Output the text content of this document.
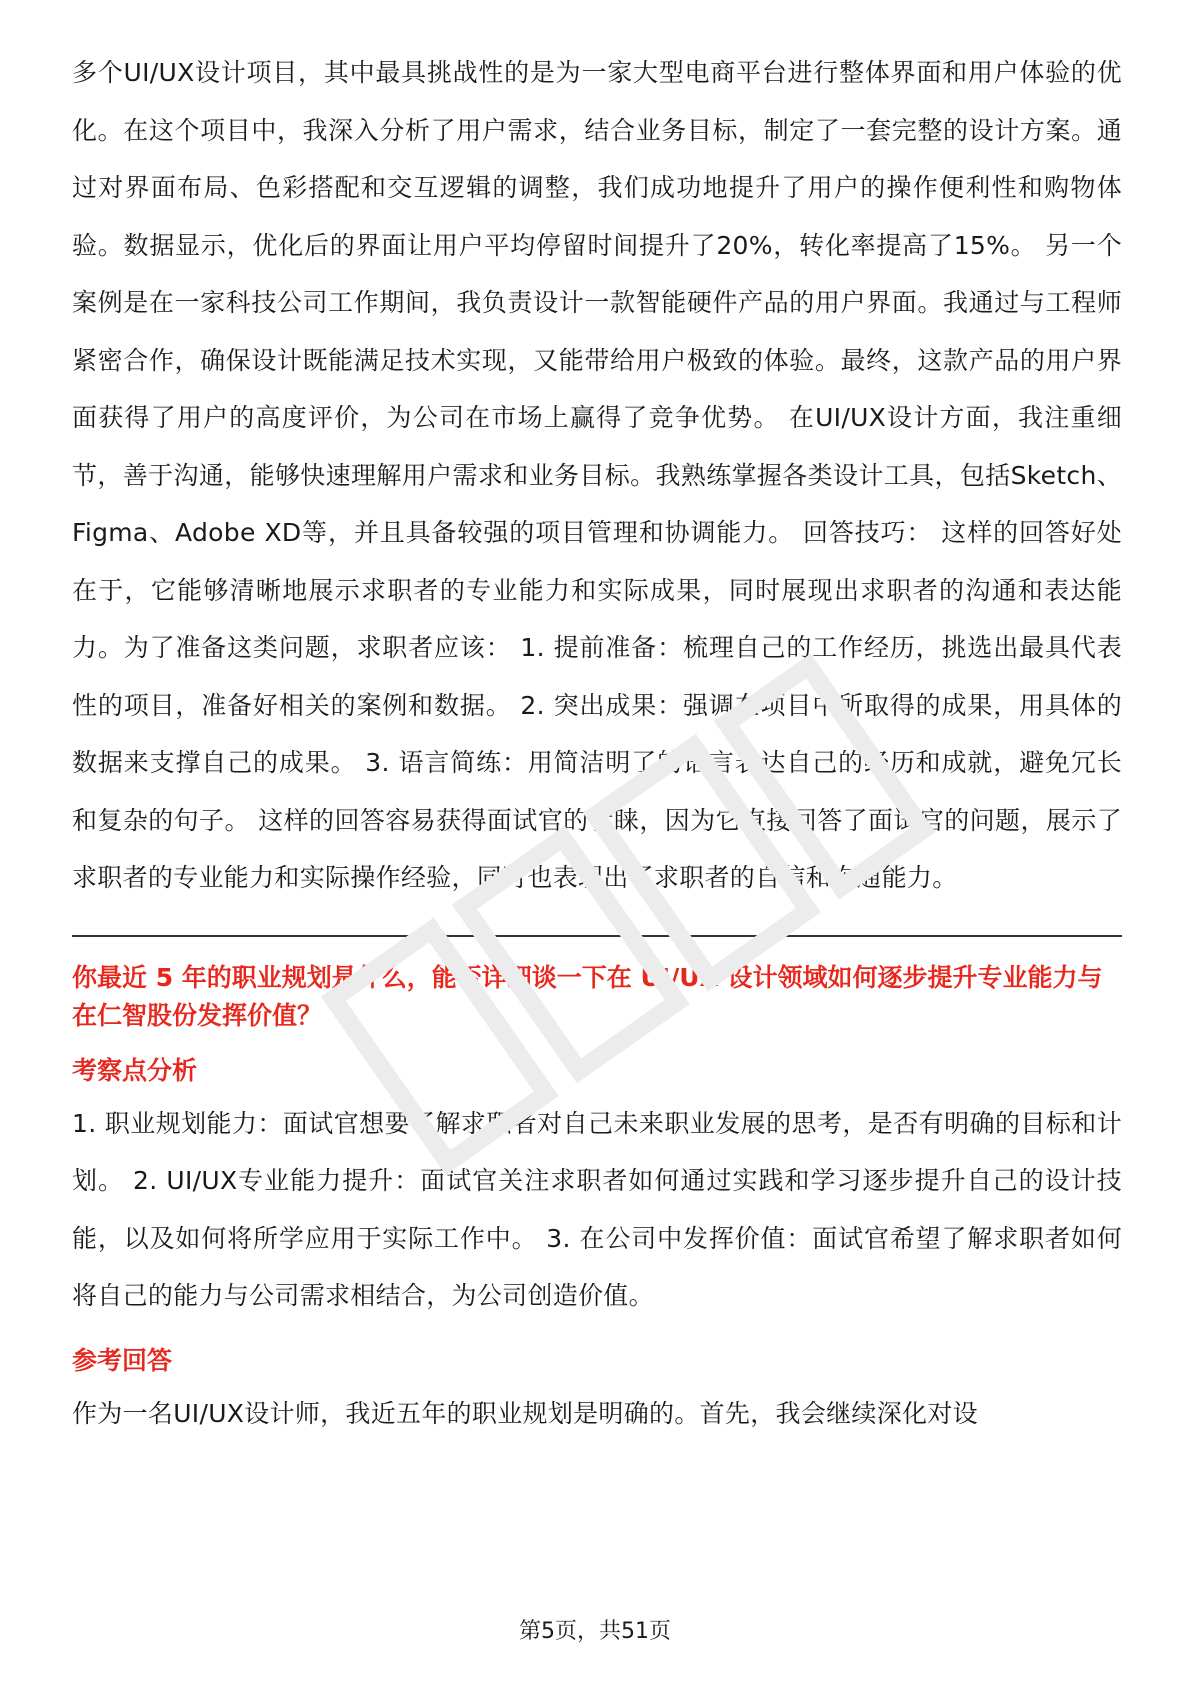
多个UI/UX设计项目，其中最具挑战性的是为一家大型电商平台进行整体界面和用户体验的优化。在这个项目中，我深入分析了用户需求，结合业务目标，制定了一套完整的设计方案。通过对界面布局、色彩搭配和交互逻辑的调整，我们成功地提升了用户的操作便利性和购物体验。数据显示，优化后的界面让用户平均停留时间提升了20%，转化率提高了15%。 另一个案例是在一家科技公司工作期间，我负责设计一款智能硬件产品的用户界面。我通过与工程师紧密合作，确保设计既能满足技术实现，又能带给用户极致的体验。最终，这款产品的用户界面获得了用户的高度评价，为公司在市场上赢得了竞争优势。 在UI/UX设计方面，我注重细节，善于沟通，能够快速理解用户需求和业务目标。我熟练掌握各类设计工具，包括Sketch、Figma、Adobe XD等，并且具备较强的项目管理和协调能力。 回答技巧： 这样的回答好处在于，它能够清晰地展示求职者的专业能力和实际成果，同时展现出求职者的沟通和表达能力。为了准备这类问题，求职者应该： 1. 提前准备：梳理自己的工作经历，挑选出最具代表性的项目，准备好相关的案例和数据。 2. 突出成果：强调在项目中所取得的成果，用具体的数据来支撑自己的成果。 3. 语言简练：用简洁明了的语言表达自己的经历和成就，避免冗长和复杂的句子。 这样的回答容易获得面试官的青睐，因为它直接回答了面试官的问题，展示了求职者的专业能力和实际操作经验，同时也表现出了求职者的自信和沟通能力。

你最近 5 年的职业规划是什么，能否详细谈一下在 UI/UX 设计领域如何逐步提升专业能力与在仁智股份发挥价值？

考察点分析

1. 职业规划能力：面试官想要了解求职者对自己未来职业发展的思考，是否有明确的目标和计划。 2. UI/UX专业能力提升：面试官关注求职者如何通过实践和学习逐步提升自己的设计技能，以及如何将所学应用于实际工作中。 3. 在公司中发挥价值：面试官希望了解求职者如何将自己的能力与公司需求相结合，为公司创造价值。

参考回答

作为一名UI/UX设计师，我近五年的职业规划是明确的。首先，我会继续深化对设

第5页，共51页
